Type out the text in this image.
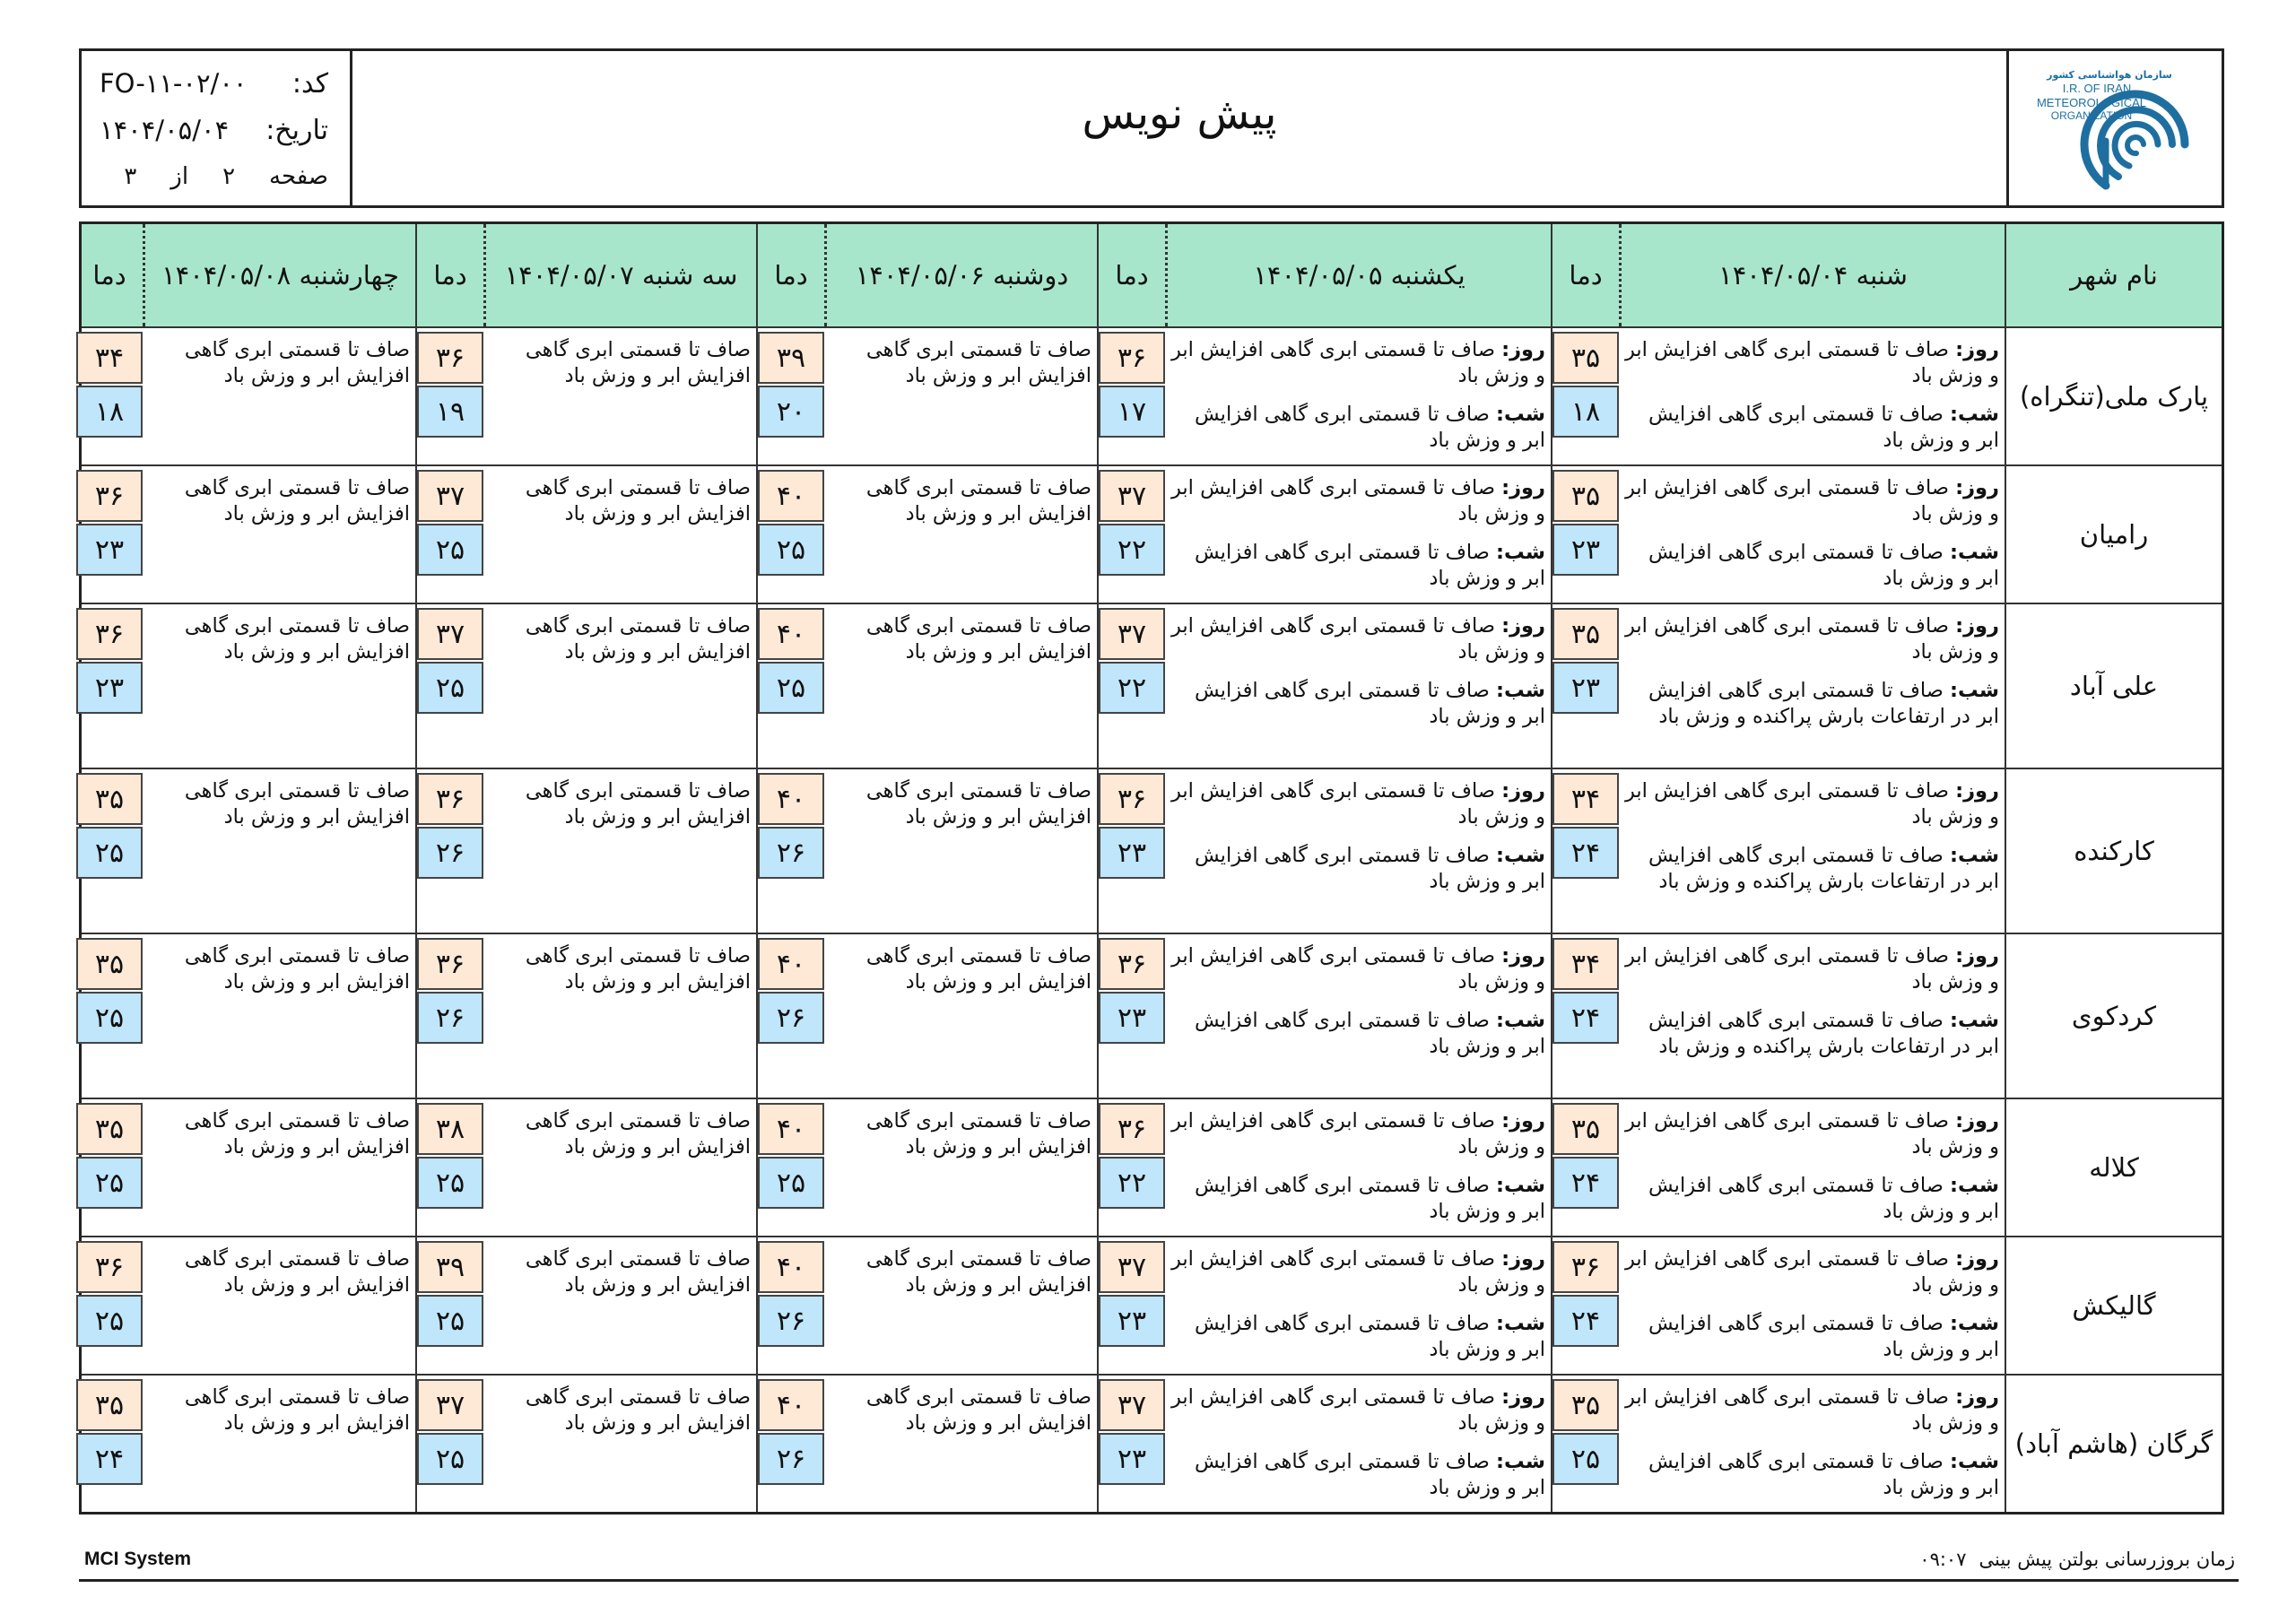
کد:
FO-۱۱-۰۲/۰۰
تاریخ:
۱۴۰۴/۰۵/۰۴
صفحه
۲
از
۳
پیش نویس
سازمان هواشناسی کشور
I.R. OF IRAN
METEOROLOGICAL
ORGANIZATION
نام شهر
شنبه ۱۴۰۴/۰۵/۰۴
دما
یکشنبه ۱۴۰۴/۰۵/۰۵
دما
دوشنبه ۱۴۰۴/۰۵/۰۶
دما
سه شنبه ۱۴۰۴/۰۵/۰۷
دما
چهارشنبه ۱۴۰۴/۰۵/۰۸
دما
پارک ملی(تنگراه)
روز: صاف تا قسمتی ابری گاهی افزایش ابر و وزش باد
شب: صاف تا قسمتی ابری گاهی افزایش ابر و وزش باد
۳۵
۱۸
روز: صاف تا قسمتی ابری گاهی افزایش ابر و وزش باد
شب: صاف تا قسمتی ابری گاهی افزایش ابر و وزش باد
۳۶
۱۷
صاف تا قسمتی ابری گاهی افزایش ابر و وزش باد
۳۹
۲۰
صاف تا قسمتی ابری گاهی افزایش ابر و وزش باد
۳۶
۱۹
صاف تا قسمتی ابری گاهی افزایش ابر و وزش باد
۳۴
۱۸
رامیان
روز: صاف تا قسمتی ابری گاهی افزایش ابر و وزش باد
شب: صاف تا قسمتی ابری گاهی افزایش ابر و وزش باد
۳۵
۲۳
روز: صاف تا قسمتی ابری گاهی افزایش ابر و وزش باد
شب: صاف تا قسمتی ابری گاهی افزایش ابر و وزش باد
۳۷
۲۲
صاف تا قسمتی ابری گاهی افزایش ابر و وزش باد
۴۰
۲۵
صاف تا قسمتی ابری گاهی افزایش ابر و وزش باد
۳۷
۲۵
صاف تا قسمتی ابری گاهی افزایش ابر و وزش باد
۳۶
۲۳
علی آباد
روز: صاف تا قسمتی ابری گاهی افزایش ابر و وزش باد
شب: صاف تا قسمتی ابری گاهی افزایش ابر در ارتفاعات بارش پراکنده و وزش باد
۳۵
۲۳
روز: صاف تا قسمتی ابری گاهی افزایش ابر و وزش باد
شب: صاف تا قسمتی ابری گاهی افزایش ابر و وزش باد
۳۷
۲۲
صاف تا قسمتی ابری گاهی افزایش ابر و وزش باد
۴۰
۲۵
صاف تا قسمتی ابری گاهی افزایش ابر و وزش باد
۳۷
۲۵
صاف تا قسمتی ابری گاهی افزایش ابر و وزش باد
۳۶
۲۳
کارکنده
روز: صاف تا قسمتی ابری گاهی افزایش ابر و وزش باد
شب: صاف تا قسمتی ابری گاهی افزایش ابر در ارتفاعات بارش پراکنده و وزش باد
۳۴
۲۴
روز: صاف تا قسمتی ابری گاهی افزایش ابر و وزش باد
شب: صاف تا قسمتی ابری گاهی افزایش ابر و وزش باد
۳۶
۲۳
صاف تا قسمتی ابری گاهی افزایش ابر و وزش باد
۴۰
۲۶
صاف تا قسمتی ابری گاهی افزایش ابر و وزش باد
۳۶
۲۶
صاف تا قسمتی ابری گاهی افزایش ابر و وزش باد
۳۵
۲۵
کردکوی
روز: صاف تا قسمتی ابری گاهی افزایش ابر و وزش باد
شب: صاف تا قسمتی ابری گاهی افزایش ابر در ارتفاعات بارش پراکنده و وزش باد
۳۴
۲۴
روز: صاف تا قسمتی ابری گاهی افزایش ابر و وزش باد
شب: صاف تا قسمتی ابری گاهی افزایش ابر و وزش باد
۳۶
۲۳
صاف تا قسمتی ابری گاهی افزایش ابر و وزش باد
۴۰
۲۶
صاف تا قسمتی ابری گاهی افزایش ابر و وزش باد
۳۶
۲۶
صاف تا قسمتی ابری گاهی افزایش ابر و وزش باد
۳۵
۲۵
کلاله
روز: صاف تا قسمتی ابری گاهی افزایش ابر و وزش باد
شب: صاف تا قسمتی ابری گاهی افزایش ابر و وزش باد
۳۵
۲۴
روز: صاف تا قسمتی ابری گاهی افزایش ابر و وزش باد
شب: صاف تا قسمتی ابری گاهی افزایش ابر و وزش باد
۳۶
۲۲
صاف تا قسمتی ابری گاهی افزایش ابر و وزش باد
۴۰
۲۵
صاف تا قسمتی ابری گاهی افزایش ابر و وزش باد
۳۸
۲۵
صاف تا قسمتی ابری گاهی افزایش ابر و وزش باد
۳۵
۲۵
گالیکش
روز: صاف تا قسمتی ابری گاهی افزایش ابر و وزش باد
شب: صاف تا قسمتی ابری گاهی افزایش ابر و وزش باد
۳۶
۲۴
روز: صاف تا قسمتی ابری گاهی افزایش ابر و وزش باد
شب: صاف تا قسمتی ابری گاهی افزایش ابر و وزش باد
۳۷
۲۳
صاف تا قسمتی ابری گاهی افزایش ابر و وزش باد
۴۰
۲۶
صاف تا قسمتی ابری گاهی افزایش ابر و وزش باد
۳۹
۲۵
صاف تا قسمتی ابری گاهی افزایش ابر و وزش باد
۳۶
۲۵
گرگان (هاشم آباد)
روز: صاف تا قسمتی ابری گاهی افزایش ابر و وزش باد
شب: صاف تا قسمتی ابری گاهی افزایش ابر و وزش باد
۳۵
۲۵
روز: صاف تا قسمتی ابری گاهی افزایش ابر و وزش باد
شب: صاف تا قسمتی ابری گاهی افزایش ابر و وزش باد
۳۷
۲۳
صاف تا قسمتی ابری گاهی افزایش ابر و وزش باد
۴۰
۲۶
صاف تا قسمتی ابری گاهی افزایش ابر و وزش باد
۳۷
۲۵
صاف تا قسمتی ابری گاهی افزایش ابر و وزش باد
۳۵
۲۴
MCI System	زمان بروزرسانی بولتن پیش بینی
۰۹:۰۷
